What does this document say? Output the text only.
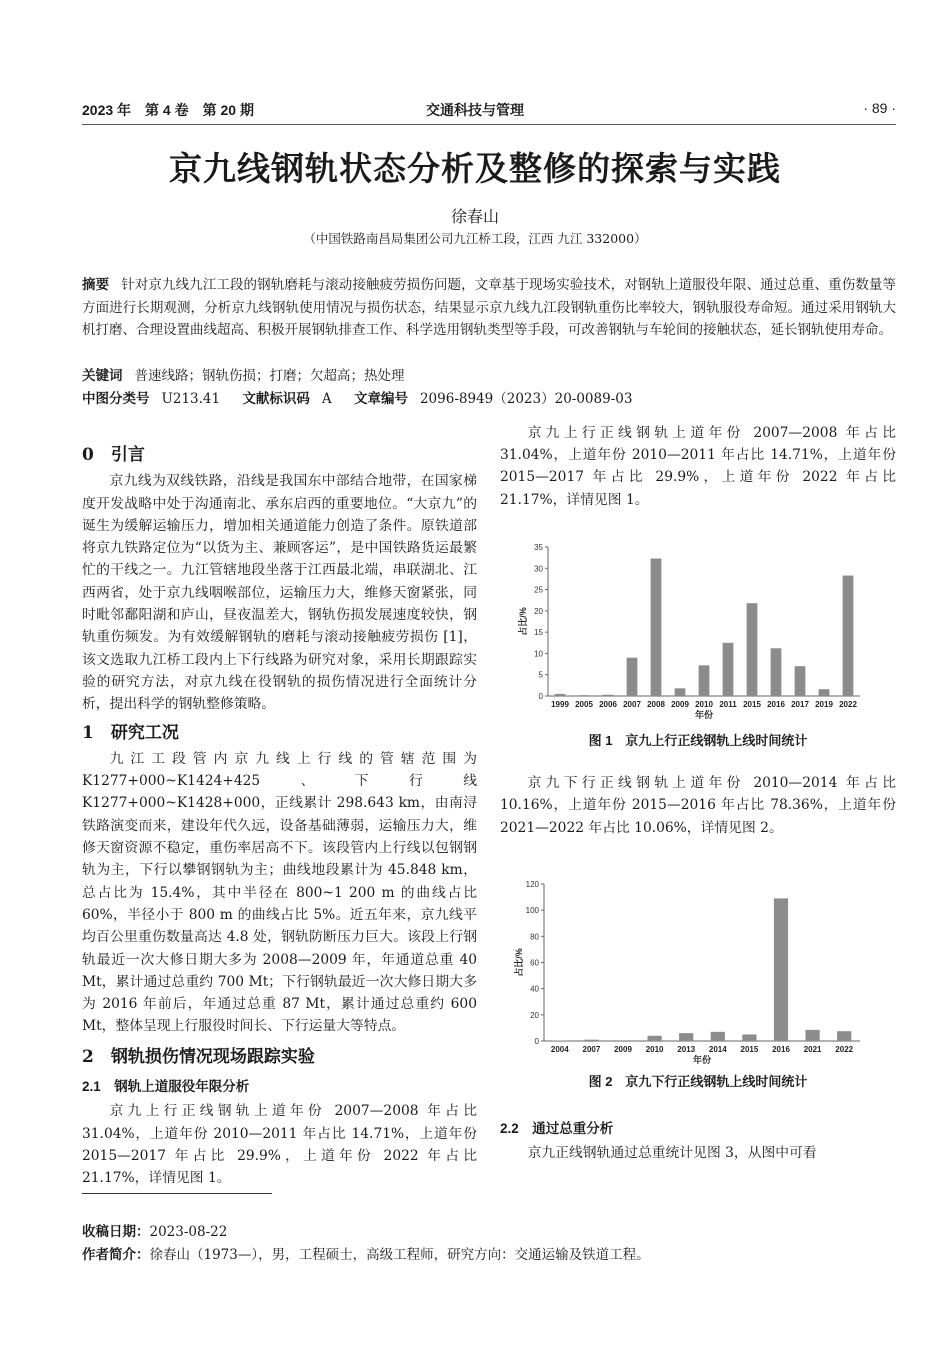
2023 年　第 4 卷　第 20 期	交通科技与管理	· 89 ·
京九线钢轨状态分析及整修的探索与实践
徐春山
（中国铁路南昌局集团公司九江桥工段，江西 九江 332000）
摘要 针对京九线九江工段的钢轨磨耗与滚动接触疲劳损伤问题，文章基于现场实验技术，对钢轨上道服役年限、通过总重、重伤数量等方面进行长期观测，分析京九线钢轨使用情况与损伤状态，结果显示京九线九江段钢轨重伤比率较大，钢轨服役寿命短。通过采用钢轨大机打磨、合理设置曲线超高、积极开展钢轨排查工作、科学选用钢轨类型等手段，可改善钢轨与车轮间的接触状态，延长钢轨使用寿命。
关键词 普速线路；钢轨伤损；打磨；欠超高；热处理
中图分类号 U213.41 文献标识码 A 文章编号 2096-8949（2023）20-0089-03
0　引言

京九线为双线铁路，沿线是我国东中部结合地带，在国家梯度开发战略中处于沟通南北、承东启西的重要地位。“大京九”的诞生为缓解运输压力，增加相关通道能力创造了条件。原铁道部将京九铁路定位为“以货为主、兼顾客运”，是中国铁路货运最繁忙的干线之一。九江管辖地段坐落于江西最北端，串联湖北、江西两省，处于京九线咽喉部位，运输压力大，维修天窗紧张，同时毗邻鄱阳湖和庐山，昼夜温差大，钢轨伤损发展速度较快，钢轨重伤频发。为有效缓解钢轨的磨耗与滚动接触疲劳损伤 [1]，该文选取九江桥工段内上下行线路为研究对象，采用长期跟踪实验的研究方法，对京九线在役钢轨的损伤情况进行全面统计分析，提出科学的钢轨整修策略。

1　研究工况

九江工段管内京九线上行线的管辖范围为 K1277+000~K1424+425、下行线 K1277+000~K1428+000，正线累计 298.643 km，由南浔铁路演变而来，建设年代久远，设备基础薄弱，运输压力大，维修天窗资源不稳定，重伤率居高不下。该段管内上行线以包钢钢轨为主，下行以攀钢钢轨为主；曲线地段累计为 45.848 km，总占比为 15.4%，其中半径在 800~1 200 m 的曲线占比 60%，半径小于 800 m 的曲线占比 5%。近五年来，京九线平均百公里重伤数量高达 4.8 处，钢轨防断压力巨大。该段上行钢轨最近一次大修日期大多为 2008—2009 年，年通道总重 40 Mt，累计通过总重约 700 Mt；下行钢轨最近一次大修日期大多为 2016 年前后，年通过总重 87 Mt，累计通过总重约 600 Mt，整体呈现上行服役时间长、下行运量大等特点。

2　钢轨损伤情况现场跟踪实验
2.1　钢轨上道服役年限分析

京九上行正线钢轨上道年份 2007—2008 年占比 31.04%，上道年份 2010—2011 年占比 14.71%，上道年份 2015—2017 年占比 29.9%，上道年份 2022 年占比 21.17%，详情见图 1。

京九上行正线钢轨上道年份 2007—2008 年占比 31.04%，上道年份 2010—2011 年占比 14.71%，上道年份 2015—2017 年占比 29.9%，上道年份 2022 年占比 21.17%，详情见图 1。
0
5
10
15
20
25
30
35
1999 2005 2006 2007 2008 2009 2010 2011 2015 2016 2017 2019 2022
年份
占比/%
图 1　京九上行正线钢轨上线时间统计

京九下行正线钢轨上道年份 2010—2014 年占比 10.16%，上道年份 2015—2016 年占比 78.36%，上道年份 2021—2022 年占比 10.06%，详情见图 2。

0
20
40
60
80
100
120
2004 2007 2009 2010 2013 2014 2015 2016 2021 2022
年份
占比/%
图 2　京九下行正线钢轨上线时间统计
2.2　通过总重分析

京九正线钢轨通过总重统计见图 3，从图中可看

收稿日期：2023-08-22
作者简介：徐春山（1973—），男，工程硕士，高级工程师，研究方向：交通运输及铁道工程。
